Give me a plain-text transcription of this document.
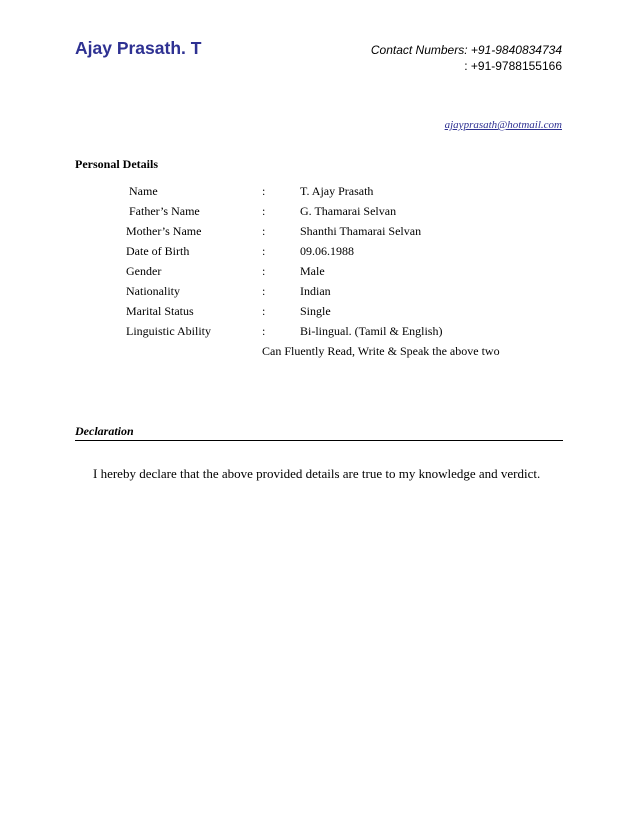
Ajay Prasath. T	Contact Numbers: +91-9840834734
: +91-9788155166
ajayprasath@hotmail.com
Personal Details
Name	:	T. Ajay Prasath
Father’s Name	:	G. Thamarai Selvan
Mother’s Name	:	Shanthi Thamarai Selvan
Date of Birth	:	09.06.1988
Gender	:	Male
Nationality	:	Indian
Marital Status	:	Single
Linguistic Ability	:	Bi-lingual. (Tamil & English)
Can Fluently Read, Write & Speak the above two
Declaration
I hereby declare that the above provided details are true to my knowledge and verdict.
